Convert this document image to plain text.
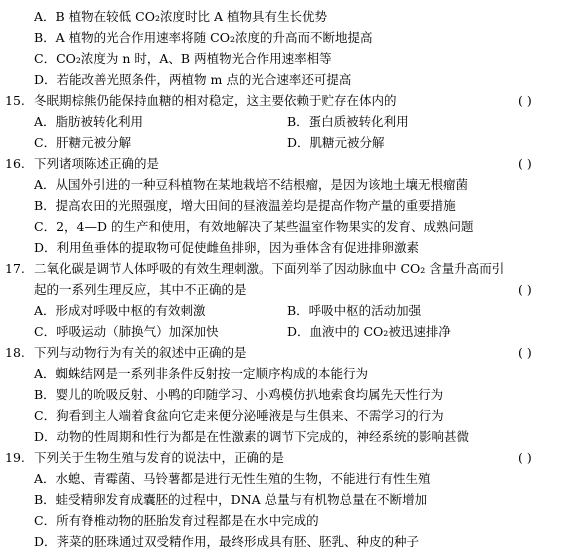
A．B 植物在较低 CO₂浓度时比 A 植物具有生长优势
B．A 植物的光合作用速率将随 CO₂浓度的升高而不断地提高
C．CO₂浓度为 n 时，A、B 两植物光合作用速率相等
D．若能改善光照条件，两植物 m 点的光合速率还可提高
15. 冬眠期棕熊仍能保持血糖的相对稳定，这主要依赖于贮存在体内的	( )
A．脂肪被转化利用	B．蛋白质被转化利用
C．肝糖元被分解	D．肌糖元被分解
16. 下列诸项陈述正确的是	( )
A．从国外引进的一种豆科植物在某地栽培不结根瘤，是因为该地土壤无根瘤菌
B．提高农田的光照强度，增大田间的昼液温差均是提高作物产量的重要措施
C．2，4—D 的生产和使用，有效地解决了某些温室作物果实的发育、成熟问题
D．利用鱼垂体的提取物可促使雌鱼排卵，因为垂体含有促进排卵激素
17. 二氧化碳是调节人体呼吸的有效生理刺激。下面列举了因动脉血中 CO₂ 含量升高而引
起的一系列生理反应，其中不正确的是	( )
A．形成对呼吸中枢的有效刺激	B．呼吸中枢的活动加强
C．呼吸运动（肺换气）加深加快	D．血液中的 CO₂被迅速排净
18. 下列与动物行为有关的叙述中正确的是	( )
A．蜘蛛结网是一系列非条件反射按一定顺序构成的本能行为
B．婴儿的吮吸反射、小鸭的印随学习、小鸡模仿扒地索食均属先天性行为
C．狗看到主人端着食盆向它走来便分泌唾液是与生俱来、不需学习的行为
D．动物的性周期和性行为都是在性激素的调节下完成的，神经系统的影响甚微
19. 下列关于生物生殖与发育的说法中，正确的是	( )
A．水螅、青霉菌、马铃薯都是进行无性生殖的生物，不能进行有性生殖
B．蛙受精卵发育成囊胚的过程中，DNA 总量与有机物总量在不断增加
C．所有脊椎动物的胚胎发育过程都是在水中完成的
D．荠菜的胚珠通过双受精作用，最终形成具有胚、胚乳、种皮的种子
